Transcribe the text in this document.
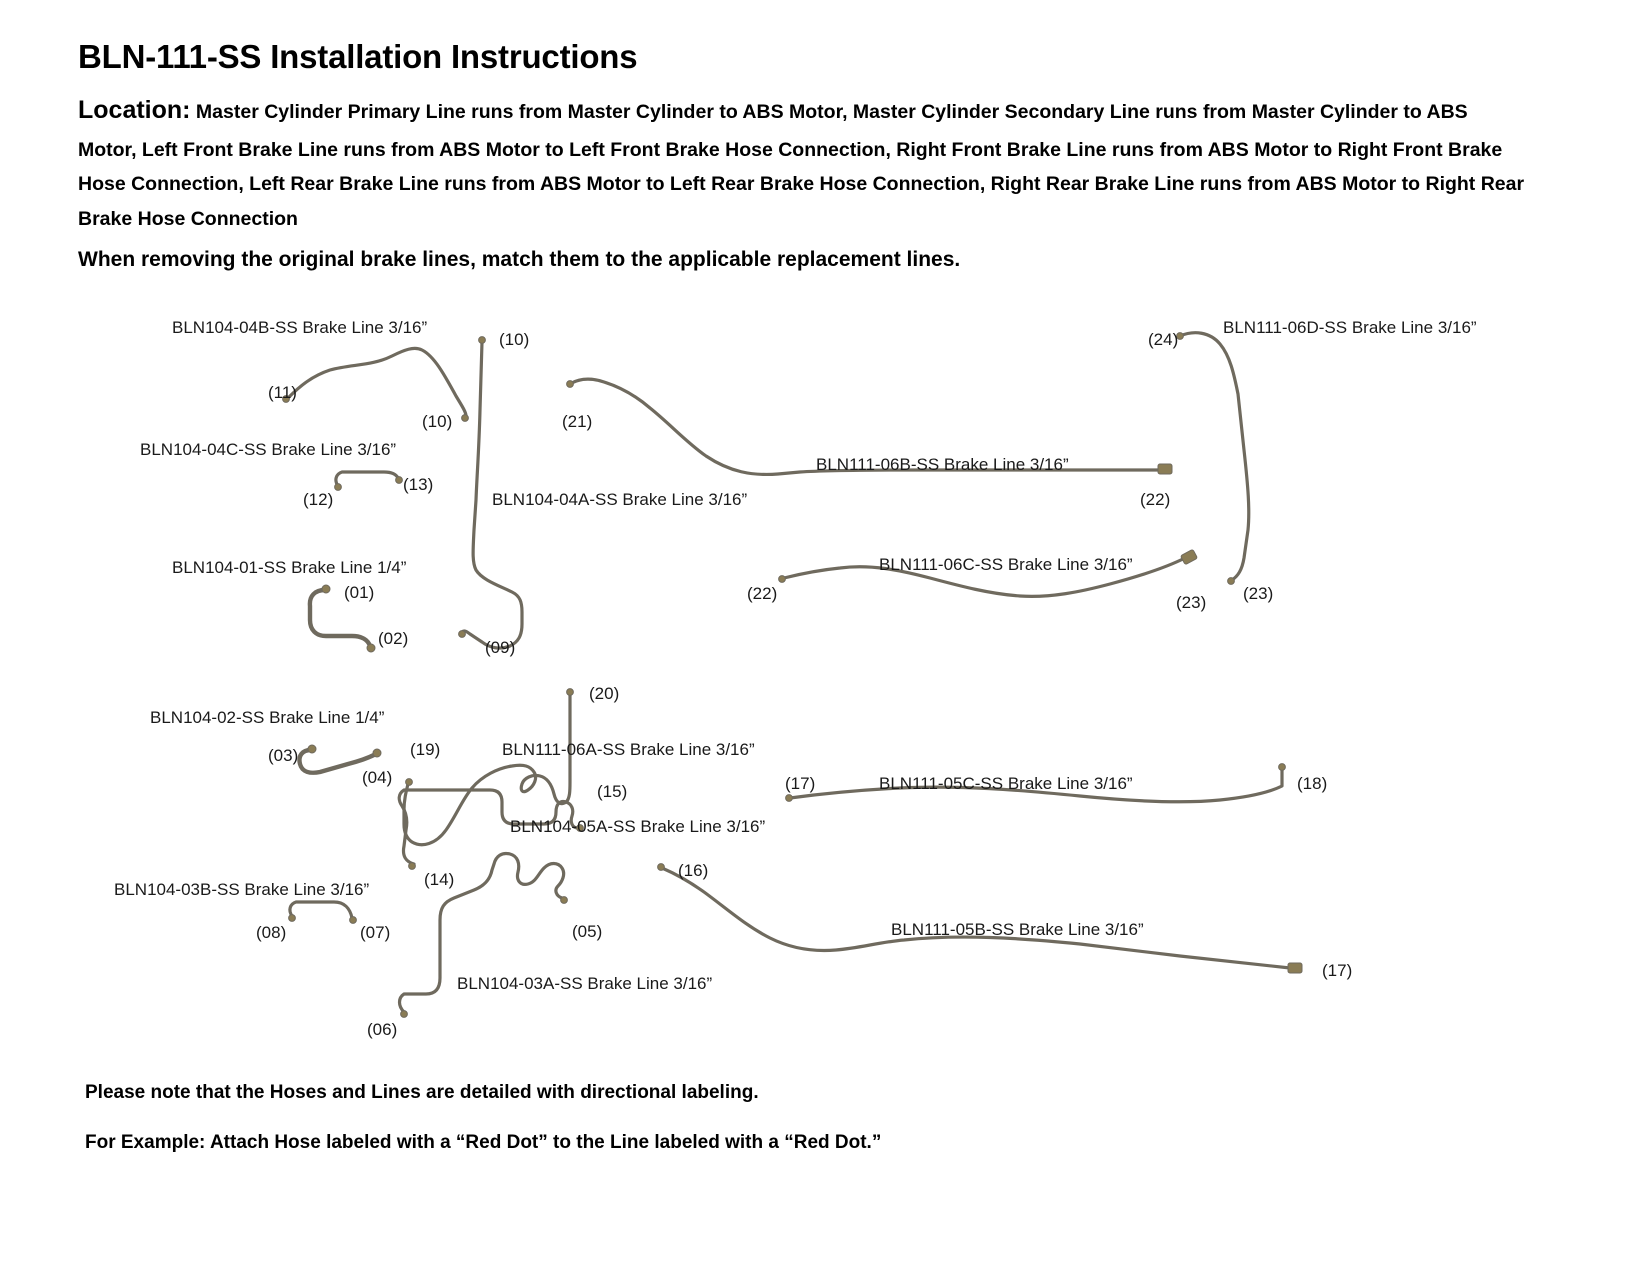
BLN-111-SS Installation Instructions
Location: Master Cylinder Primary Line runs from Master Cylinder to ABS Motor, Master Cylinder Secondary Line runs from Master Cylinder to ABS Motor, Left Front Brake Line runs from ABS Motor to Left Front Brake Hose Connection, Right Front Brake Line runs from ABS Motor to Right Front Brake Hose Connection, Left Rear Brake Line runs from ABS Motor to Left Rear Brake Hose Connection, Right Rear Brake Line runs from ABS Motor to Right Rear Brake Hose Connection
When removing the original brake lines, match them to the applicable replacement lines.
BLN104-04B-SS Brake Line 3/16”
BLN104-04C-SS Brake Line 3/16”
BLN104-01-SS Brake Line 1/4”
BLN104-02-SS Brake Line 1/4”
BLN104-03B-SS Brake Line 3/16”
BLN104-04A-SS Brake Line 3/16”
BLN111-06A-SS Brake Line 3/16”
BLN104-05A-SS Brake Line 3/16”
BLN104-03A-SS Brake Line 3/16”
BLN111-06B-SS Brake Line 3/16”
BLN111-06C-SS Brake Line 3/16”
BLN111-06D-SS Brake Line 3/16”
BLN111-05C-SS Brake Line 3/16”
BLN111-05B-SS Brake Line 3/16”
(10)
(11)
(10)
(12)
(13)
(01)
(02)	(09)
(20)
(19)
(03)
(04)
(15)
(14)
(08)	(07)	(05)
(06)
(16)
(21)
(22)
(22)	(23) (23)
(24)
(17)	(18)
(17)
Please note that the Hoses and Lines are detailed with directional labeling.
For Example: Attach Hose labeled with a “Red Dot” to the Line labeled with a “Red Dot.”
